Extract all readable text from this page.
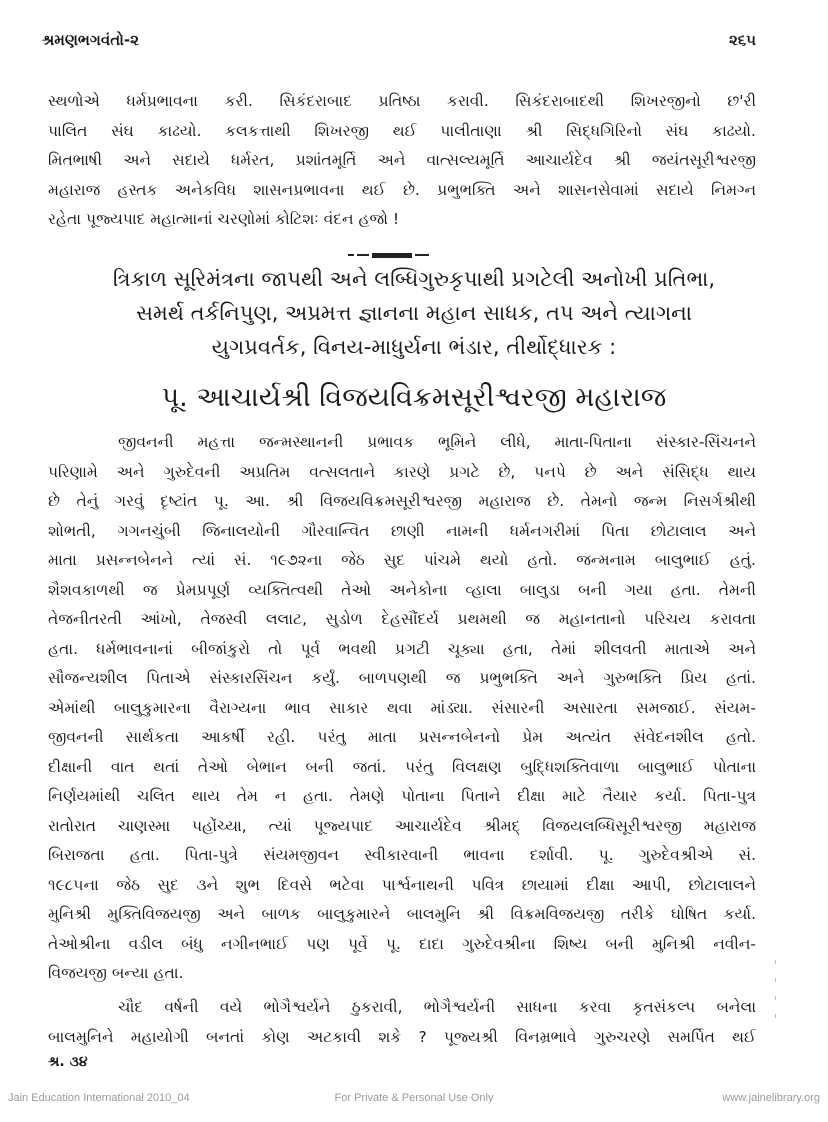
શ્રમણભગવંતો-૨	૨૬૫
સ્થળોએ ધર્મપ્રભાવના કરી. સિકંદરાબાદ પ્રતિષ્ઠા કરાવી. સિકંદરાબાદથી શિખરજીનો છ'રી
પાલિત સંઘ કાઢયો. કલકત્તાથી શિખરજી થઈ પાલીતાણા શ્રી સિદ્ધગિરિનો સંઘ કાઢયો.
મિતભાષી અને સદાયે ધર્મરત, પ્રશાંતમૂર્તિ અને વાત્સલ્યમૂર્તિ આચાર્યદેવ શ્રી જયંતસૂરીશ્વરજી
મહારાજ હસ્તક અનેકવિધ શાસનપ્રભાવના થઈ છે. પ્રભુભક્તિ અને શાસનસેવામાં સદાયે નિમગ્ન
રહેતા પૂજ્યપાદ મહાત્માનાં ચરણોમાં કોટિશઃ વંદન હજો !
ત્રિકાળ સૂરિમંત્રના જાપથી અને લબ્ધિગુરુકૃપાથી પ્રગટેલી અનોખી પ્રતિભા,
સમર્થ તર્કનિપુણ, અપ્રમત્ત જ્ઞાનના મહાન સાધક, તપ અને ત્યાગના
યુગપ્રવર્તક, વિનય-માધુર્યના ભંડાર, તીર્થોદ્ધારક :
પૂ. આચાર્યશ્રી વિજયવિક્રમસૂરીશ્વરજી મહારાજ
જીવનની મહત્તા જન્મસ્થાનની પ્રભાવક ભૂમિને લીધે, માતા-પિતાના સંસ્કાર-સિંચનને
પરિણામે અને ગુરુદેવની અપ્રતિમ વત્સલતાને કારણે પ્રગટે છે, પનપે છે અને સંસિદ્ધ થાય
છે તેનું ગરવું દૃષ્ટાંત પૂ. આ. શ્રી વિજયવિક્રમસૂરીશ્વરજી મહારાજ છે. તેમનો જન્મ નિસર્ગશ્રીથી
શોભતી, ગગનચુંબી જિનાલયોની ગૌરવાન્વિત છાણી નામની ધર્મનગરીમાં પિતા છોટાલાલ અને
માતા પ્રસન્નબેનને ત્યાં સં. ૧૯૭૨ના જેઠ સુદ પાંચમે થયો હતો. જન્મનામ બાલુભાઈ હતું.
શૈશવકાળથી જ પ્રેમપ્રપૂર્ણ વ્યક્તિત્વથી તેઓ અનેકોના વ્હાલા બાલુડા બની ગયા હતા. તેમની
તેજનીતરતી આંખો, તેજસ્વી લલાટ, સુડોળ દેહસૌંદર્ય પ્રથમથી જ મહાનતાનો પરિચય કરાવતા
હતા. ધર્મભાવનાનાં બીજાંકુરો તો પૂર્વ ભવથી પ્રગટી ચૂક્યા હતા, તેમાં શીલવતી માતાએ અને
સૌજન્યશીલ પિતાએ સંસ્કારસિંચન કર્યું. બાળપણથી જ પ્રભુભક્તિ અને ગુરુભક્તિ પ્રિય હતાં.
એમાંથી બાલુકુમારના વૈરાગ્યના ભાવ સાકાર થવા માંડ્યા. સંસારની અસારતા સમજાઈ. સંયમ-
જીવનની સાર્થકતા આકર્ષી રહી. પરંતુ માતા પ્રસન્નબેનનો પ્રેમ અત્યંત સંવેદનશીલ હતો.
દીક્ષાની વાત થતાં તેઓ બેભાન બની જતાં. પરંતુ વિલક્ષણ બુદ્ધિશક્તિવાળા બાલુભાઈ પોતાના
નિર્ણયમાંથી ચલિત થાય તેમ ન હતા. તેમણે પોતાના પિતાને દીક્ષા માટે તૈયાર કર્યા. પિતા-પુત્ર
રાતોરાત ચાણસ્મા પહોંચ્યા, ત્યાં પૂજ્યપાદ આચાર્યદેવ શ્રીમદ્ વિજયલબ્ધિસૂરીશ્વરજી મહારાજ
બિરાજતા હતા. પિતા-પુત્રે સંયમજીવન સ્વીકારવાની ભાવના દર્શાવી. પૂ. ગુરુદેવશ્રીએ સં.
૧૯૮૫ના જેઠ સુદ ૩ને શુભ દિવસે ભટેવા પાર્શ્વનાથની પવિત્ર છાયામાં દીક્ષા આપી, છોટાલાલને
મુનિશ્રી મુક્તિવિજયજી અને બાળક બાલુકુમારને બાલમુનિ શ્રી વિક્રમવિજયજી તરીકે ઘોષિત કર્યા.
તેઓશ્રીના વડીલ બંધુ નગીનભાઈ પણ પૂર્વે પૂ. દાદા ગુરુદેવશ્રીના શિષ્ય બની મુનિશ્રી નવીન-
વિજયજી બન્યા હતા.
ચૌદ વર્ષની વયે ભોગૈશ્વર્યને ઠુકરાવી, ભોગૈશ્વર્યની સાધના કરવા કૃતસંકલ્પ બનેલા
બાલમુનિને મહાયોગી બનતાં કોણ અટકાવી શકે ? પૂજ્યશ્રી વિનમ્રભાવે ગુરુચરણે સમર્પિત થઈ
શ્ર. ૩૪
Jain Education International 2010_04	For Private & Personal Use Only	www.jainelibrary.org
